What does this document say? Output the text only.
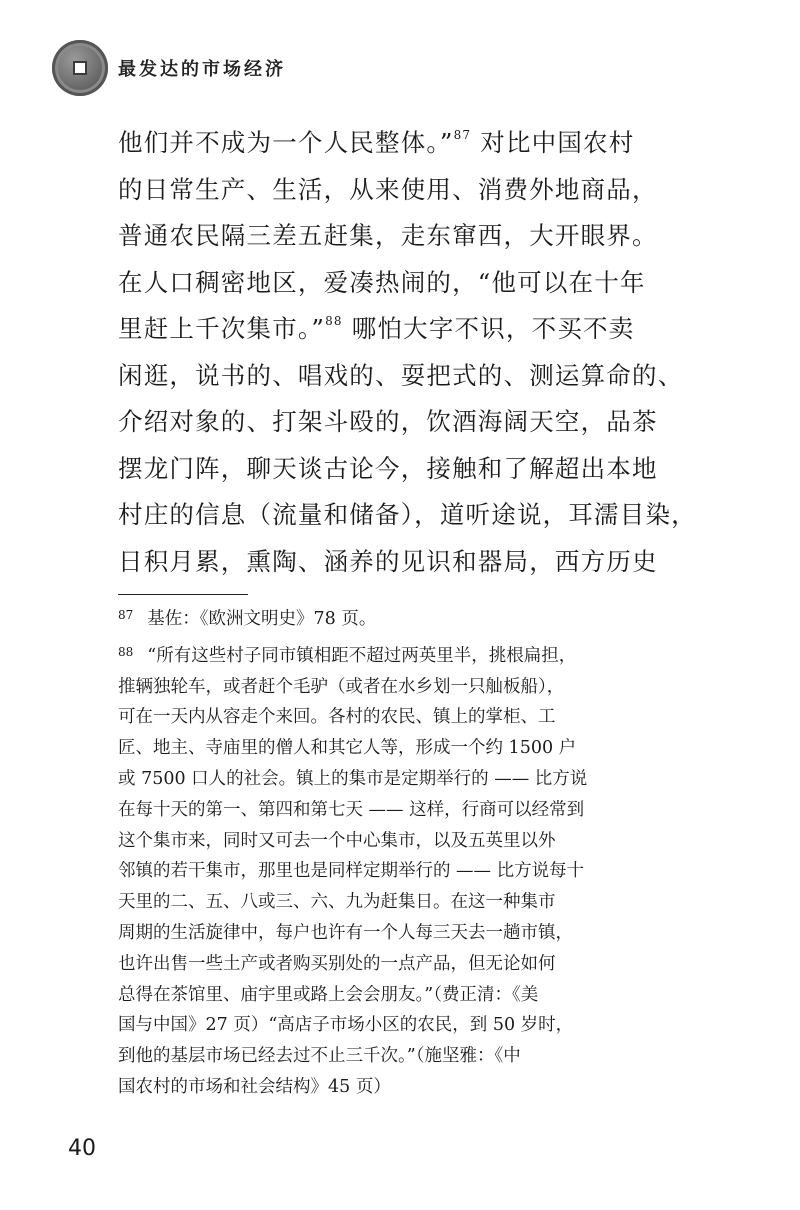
最发达的市场经济

他们并不成为一个人民整体。”$^{87}$ 对比中国农村

的日常生产、生活，从来使用、消费外地商品，

普通农民隔三差五赶集，走东窜西，大开眼界。

在人口稠密地区，爱凑热闹的，“他可以在十年

里赶上千次集市。”$^{88}$ 哪怕大字不识，不买不卖

闲逛，说书的、唱戏的、耍把式的、测运算命的、

介绍对象的、打架斗殴的，饮酒海阔天空，品茶

摆龙门阵，聊天谈古论今，接触和了解超出本地

村庄的信息（流量和储备），道听途说，耳濡目染，

日积月累，熏陶、涵养的见识和器局，西方历史

$^{87}$ 基佐：《欧洲文明史》78 页。
$^{88}$ “所有这些村子同市镇相距不超过两英里半，挑根扁担，
推辆独轮车，或者赶个毛驴（或者在水乡划一只舢板船），
可在一天内从容走个来回。各村的农民、镇上的掌柜、工
匠、地主、寺庙里的僧人和其它人等，形成一个约 1500 户
或 7500 口人的社会。镇上的集市是定期举行的 —— 比方说
在每十天的第一、第四和第七天 —— 这样，行商可以经常到
这个集市来，同时又可去一个中心集市，以及五英里以外
邻镇的若干集市，那里也是同样定期举行的 —— 比方说每十
天里的二、五、八或三、六、九为赶集日。在这一种集市
周期的生活旋律中，每户也许有一个人每三天去一趟市镇，
也许出售一些土产或者购买别处的一点产品，但无论如何
总得在茶馆里、庙宇里或路上会会朋友。”（费正清：《美
国与中国》27 页）“高店子市场小区的农民，到 50 岁时，
到他的基层市场已经去过不止三千次。”（施坚雅：《中
国农村的市场和社会结构》45 页）
40
